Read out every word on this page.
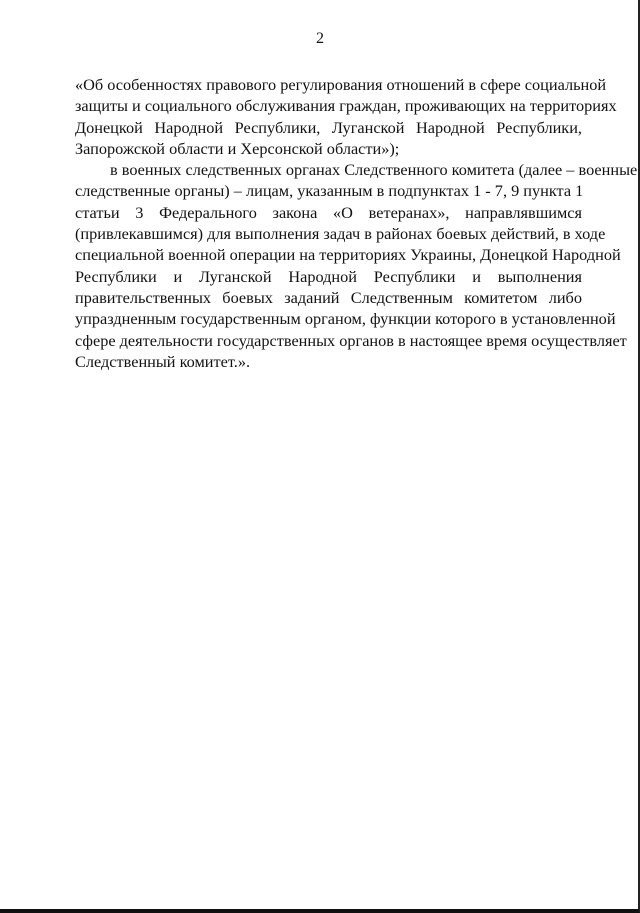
2
«Об особенностях правового регулирования отношений в сфере социальной
защиты и социального обслуживания граждан, проживающих на территориях
Донецкой Народной Республики, Луганской Народной Республики,
Запорожской области и Херсонской области»);
в военных следственных органах Следственного комитета (далее – военные
следственные органы) – лицам, указанным в подпунктах 1 - 7, 9 пункта 1
статьи 3 Федерального закона «О ветеранах», направлявшимся
(привлекавшимся) для выполнения задач в районах боевых действий, в ходе
специальной военной операции на территориях Украины, Донецкой Народной
Республики и Луганской Народной Республики и выполнения
правительственных боевых заданий Следственным комитетом либо
упраздненным государственным органом, функции которого в установленной
сфере деятельности государственных органов в настоящее время осуществляет
Следственный комитет.».
